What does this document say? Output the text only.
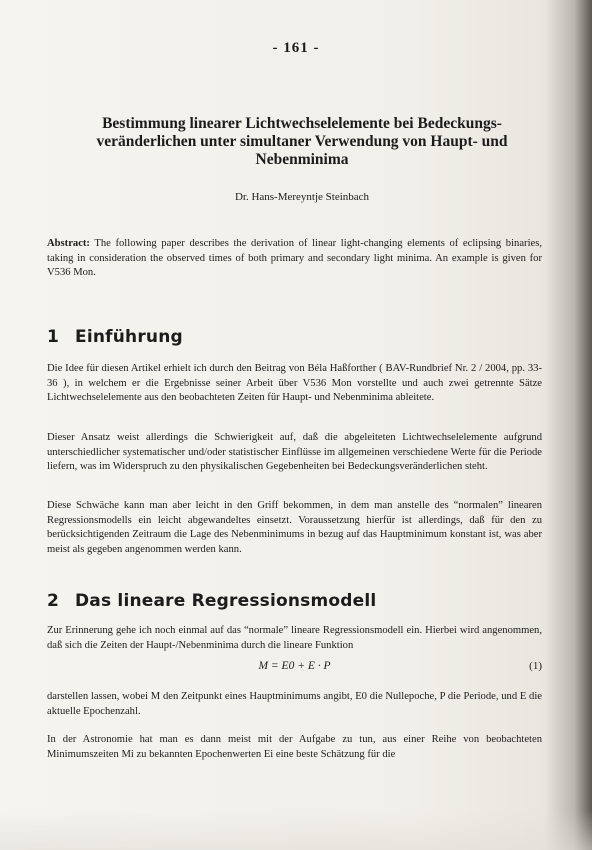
- 161 -
Bestimmung linearer Lichtwechselelemente bei Bedeckungs-veränderlichen unter simultaner Verwendung von Haupt- und Nebenminima
Dr. Hans-Mereyntje Steinbach
Abstract: The following paper describes the derivation of linear light-changing elements of eclipsing binaries, taking in consideration the observed times of both primary and secondary light minima. An example is given for V536 Mon.
1 Einführung
Die Idee für diesen Artikel erhielt ich durch den Beitrag von Béla Haßforther ( BAV-Rundbrief Nr. 2 / 2004, pp. 33-36 ), in welchem er die Ergebnisse seiner Arbeit über V536 Mon vorstellte und auch zwei getrennte Sätze Lichtwechselelemente aus den beobachteten Zeiten für Haupt- und Nebenminima ableitete.
Dieser Ansatz weist allerdings die Schwierigkeit auf, daß die abgeleiteten Lichtwechselelemente aufgrund unterschiedlicher systematischer und/oder statistischer Einflüsse im allgemeinen verschiedene Werte für die Periode liefern, was im Widerspruch zu den physikalischen Gegebenheiten bei Bedeckungsveränderlichen steht.
Diese Schwäche kann man aber leicht in den Griff bekommen, in dem man anstelle des “normalen” linearen Regressionsmodells ein leicht abgewandeltes einsetzt. Voraussetzung hierfür ist allerdings, daß für den zu berücksichtigenden Zeitraum die Lage des Nebenminimums in bezug auf das Hauptminimum konstant ist, was aber meist als gegeben angenommen werden kann.
2 Das lineare Regressionsmodell
Zur Erinnerung gehe ich noch einmal auf das “normale” lineare Regressionsmodell ein. Hierbei wird angenommen, daß sich die Zeiten der Haupt-/Nebenminima durch die lineare Funktion
M = E0 + E · P	(1)
darstellen lassen, wobei M den Zeitpunkt eines Hauptminimums angibt, E0 die Nullepoche, P die Periode, und E die aktuelle Epochenzahl.
In der Astronomie hat man es dann meist mit der Aufgabe zu tun, aus einer Reihe von beobachteten Minimumszeiten Mi zu bekannten Epochenwerten Ei eine beste Schätzung für die
